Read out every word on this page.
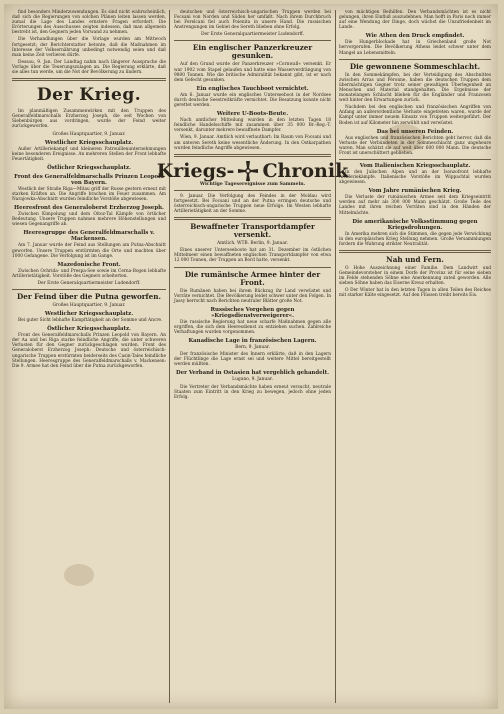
find besonders Minderzuwendungen. Es sind nicht wahrscheinlich, daß sich die Regierungen von solchen Plänen leiten lassen werden, zumal die Lage des Landes ernstere Fragen erfordert. Die Erörterungen des Ausschusses zeigten indessen, daß man allgemein bestrebt ist, den Gegnern jeden Vorwand zu nehmen.

Die Verhandlungen über die Vorlage wurden am Mittwoch fortgesetzt; der Berichterstatter betonte, daß die Maßnahmen im Interesse der Volksernährung unbedingt notwendig seien und daß man keine Zeit verlieren dürfe.

Dessau, 9. Jan. Der Landtag nahm nach längerer Aussprache die Vorlage über die Teuerungszulagen an. Die Regierung erklärte, daß sie alles tun werde, um die Not der Bevölkerung zu lindern.

Der Krieg.

Im planmäßigen Zusammenwirken mit den Truppen des Generalfeldmarschalls Erzherzog Joseph, die seit Wochen von Siebenbürgen aus vordringen, wurde der Feind weiter zurückgeworfen.

Großes Hauptquartier, 9. Januar.
Westlicher Kriegsschauplatz.

Außer Artilleriekampf und kleineren Patrouillenunternehmungen keine besonderen Ereignisse. An mehreren Stellen der Front lebhafte Feuertätigkeit.

Östlicher Kriegsschauplatz.
Front des Generalfeldmarschalls Prinzen Leopold von Bayern.

Westlich der Straße Riga—Mitau griff der Russe gestern erneut mit starken Kräften an. Die Angriffe brachen im Feuer zusammen. Am Narajowka-Abschnitt wurden feindliche Vorstöße abgewiesen.

Heeresfront des Generaloberst Erzherzog Joseph.

Zwischen Kimpolung und dem Oitoz-Tal Kämpfe von örtlicher Bedeutung. Unsere Truppen nahmen mehrere Höhenstellungen und wiesen Gegenangriffe ab.

Heeresgruppe des Generalfeldmarschalls v. Mackensen.

Am 7. Januar wurde der Feind aus Stellungen am Putna-Abschnitt geworfen. Unsere Truppen erstürmten die Orte und machten über 1000 Gefangene. Die Verfolgung ist im Gange.

Mazedonische Front.

Zwischen Ochrida- und Prespa-See sowie im Cerna-Bogen lebhafte Artillerietätigkeit. Vorstöße des Gegners scheiterten.

Der Erste Generalquartiermeister Ludendorff.
Der Feind über die Putna geworfen.
Großes Hauptquartier, 9. Januar.
Westlicher Kriegsschauplatz.

Bei guter Sicht lebhafte Kampftätigkeit an der Somme und Ancre.

Östlicher Kriegsschauplatz.

Front des Generalfeldmarschalls Prinzen Leopold von Bayern. An der Aa und bei Riga starke feindliche Angriffe, die unter schweren Verlusten für den Gegner zurückgeschlagen wurden. Front des Generaloberst Erzherzog Joseph: Deutsche und österreichisch-ungarische Truppen erstürmten beiderseits des Casin-Tales feindliche Stellungen. Heeresgruppe des Generalfeldmarschalls v. Mackensen: Die 9. Armee hat den Feind über die Putna zurückgeworfen.

deutschen und österreichisch-ungarischen Truppen werden bei Focsani von Norden und Süden her umfaßt. Nach ihrem Durchbruch bei Ferelcani fiel auch Poienita in unsere Hand. Die russischen Anstrengungen im Gebiet des Sereth blieben ohne Erfolg.

Der Erste Generalquartiermeister Ludendorff.
Ein englischer Panzerkreuzer gesunken.

Auf den Grund wurde der Panzerkreuzer »Cornwall« versenkt. Er war 1902 vom Stapel gelaufen und hatte eine Wasserverdrängung von 9800 Tonnen. Wie die britische Admiralität bekannt gibt, ist er nach dem Gefecht gesunken.

Ein englisches Tauchboot vernichtet.

Am 6. Januar wurde ein englisches Unterseeboot in der Nordsee durch deutsche Seestreitkräfte vernichtet. Die Besatzung konnte nicht gerettet werden.

Weitere U-Boots-Beute.

Nach amtlicher Mitteilung wurden in den letzten Tagen 18 feindliche Handelsschiffe mit zusammen über 35 000 Br.-Reg.-T. versenkt, darunter mehrere bewaffnete Dampfer.

Wien, 9. Januar. Amtlich wird verlautbart: Im Raum von Focsani und am unteren Sereth keine wesentliche Änderung. In den Ostkarpathen wurden feindliche Angriffe abgewiesen.

Kriegs- Chronik
Wichtige Tagesereignisse zum Sammeln.

9. Januar. Die Verfolgung des Feindes in der Moldau wird fortgesetzt. Bei Focsani und an der Putna erringen deutsche und österreichisch-ungarische Truppen neue Erfolge. Im Westen lebhafte Artillerietätigkeit an der Somme.

Bewaffneter Transportdampfer versenkt.
Amtlich. WTB. Berlin, 9. Januar.

Eines unserer Unterseeboote hat am 31. Dezember im östlichen Mittelmeer einen bewaffneten englischen Transportdampfer von etwa 12 000 Tonnen, der Truppen an Bord hatte, versenkt.

Die rumänische Armee hinter der Front.

Die Rumänen haben bei ihrem Rückzug ihr Land verwüstet und Vorräte vernichtet. Die Bevölkerung leidet schwer unter den Folgen. In Jassy herrscht nach Berichten neutraler Blätter große Not.

Russisches Vorgehen gegen »Kriegsdienstverweigerer«.

Die russische Regierung hat neue scharfe Maßnahmen gegen alle ergriffen, die sich dem Heeresdienst zu entziehen suchen. Zahlreiche Verhaftungen wurden vorgenommen.

Kanadische Lage in französischen Lagern.
Bern, 9. Januar.

Der französische Minister des Innern erklärte, daß in den Lagern der Flüchtlinge die Lage ernst sei und weitere Mittel bereitgestellt werden müßten.

Der Verband in Ostasien hat vergeblich gehandelt.
Lugano, 9. Januar.

Die Vertreter der Verbandsmächte haben erneut versucht, neutrale Staaten zum Eintritt in den Krieg zu bewegen, jedoch ohne jeden Erfolg.

von mächtigen Beihilfen. Den Verbandsmächten ist es nicht gelungen, ihren Einfluß auszudehnen. Man hofft in Paris noch immer auf eine Wendung der Dinge, doch wächst die Unzufriedenheit im Lande.

Wie Athen den Druck empfindet.

Die Hungerblockade hat in Griechenland große Not hervorgerufen. Die Bevölkerung Athens leidet schwer unter dem Mangel an Lebensmitteln.

Die gewonnene Sommeschlacht.

In den Sommekämpfen, bei der Verteidigung des Abschnittes zwischen Arras und Péronne, haben die deutschen Truppen dem übermächtigen Gegner trotz seiner gewaltigen Überlegenheit an Menschen und Material standgehalten. Die Ergebnisse der monatelangen Schlacht blieben für die Engländer und Franzosen weit hinter den Erwartungen zurück.

Nachdem bei den englischen und französischen Angriffen von Anfang an außerordentliche Verluste eingetreten waren, wurde der Kampf unter immer neuem Einsatz von Truppen weitergeführt. Der Boden ist auf Kilometer hin zerwühlt und verwüstet.

Das bei unseren Feinden.

Aus englischen und französischen Berichten geht hervor, daß die Verluste der Verbündeten in der Sommeschlacht ganz ungeheure waren. Man schätzt sie auf weit über 600 000 Mann. Die deutsche Front ist unerschüttert geblieben.

Vom Italienischen Kriegsschauplatz.

In den Julischen Alpen und an der Isonzofront lebhafte Artilleriekämpfe. Italienische Vorstöße im Wippachtal wurden abgewiesen.

Vom Jahre rumänischen Krieg.

Die Verluste der rumänischen Armee seit dem Kriegseintritt werden auf mehr als 300 000 Mann geschätzt. Große Teile des Landes mit ihren reichen Vorräten sind in den Händen der Mittelmächte.

Die amerikanische Volksstimmung gegen Kriegsdrohungen.

In Amerika mehren sich die Stimmen, die gegen jede Verwicklung in den europäischen Krieg Stellung nehmen. Große Versammlungen fordern die Wahrung strikter Neutralität.

Nah und Fern.

O Hohe Auszeichnung einer Familie. Dem Landwirt und Gemeindevorsteher in einem Dorfe der Provinz ist für seine sieben im Felde stehenden Söhne eine Anerkennung zuteil geworden. Alle sieben Söhne haben das Eiserne Kreuz erhalten.

O Der Winter hat in den letzten Tagen in allen Teilen des Reiches mit starker Kälte eingesetzt. Auf den Flüssen treibt bereits Eis.
